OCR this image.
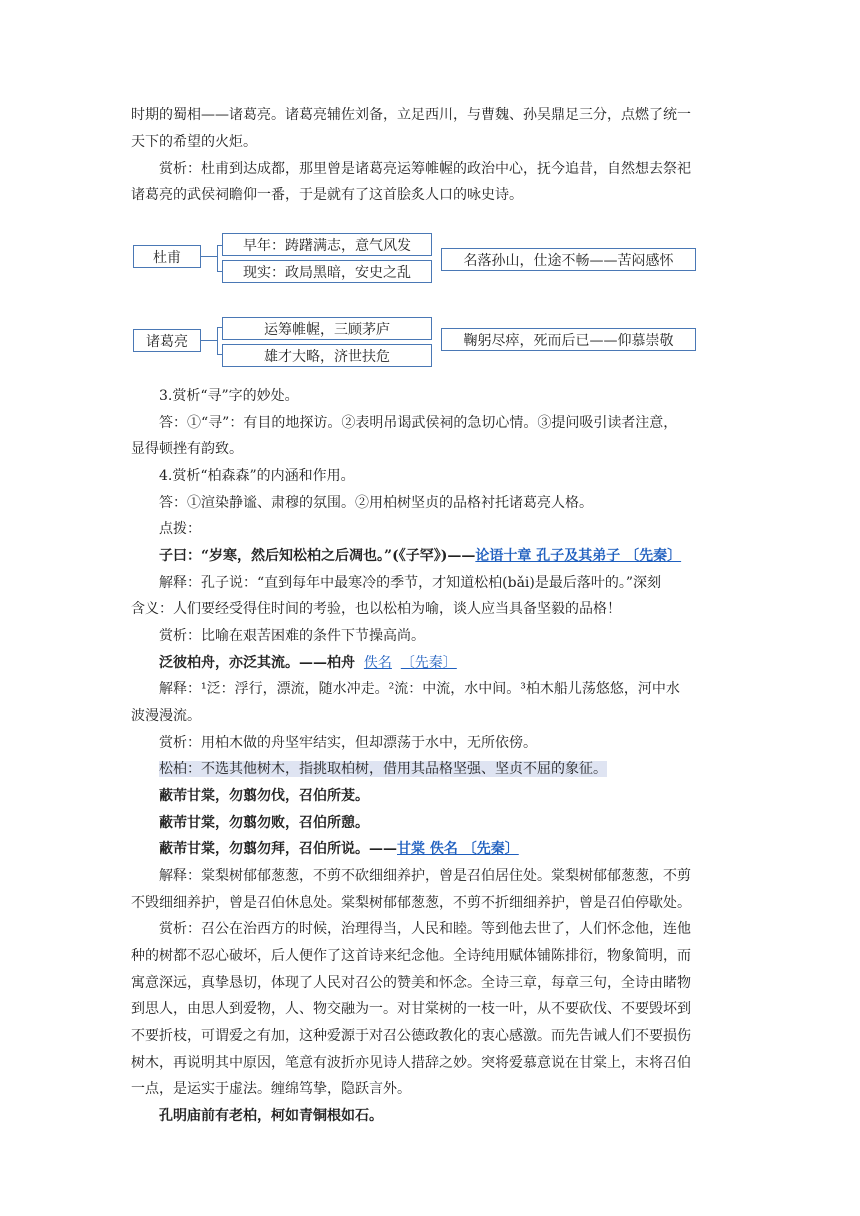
时期的蜀相——诸葛亮。诸葛亮辅佐刘备，立足西川，与曹魏、孙吴鼎足三分，点燃了统一

天下的希望的火炬。

赏析：杜甫到达成都，那里曾是诸葛亮运筹帷幄的政治中心，抚今追昔，自然想去祭祀

诸葛亮的武侯祠瞻仰一番，于是就有了这首脍炙人口的咏史诗。

杜甫
早年：踌躇满志，意气风发
现实：政局黑暗，安史之乱
名落孙山，仕途不畅——苦闷感怀
诸葛亮
运筹帷幄，三顾茅庐
雄才大略，济世扶危
鞠躬尽瘁，死而后已——仰慕崇敬

3.赏析“寻”字的妙处。

答：①“寻”：有目的地探访。②表明吊谒武侯祠的急切心情。③提问吸引读者注意，

显得顿挫有韵致。

4.赏析“柏森森”的内涵和作用。

答：①渲染静谧、肃穆的氛围。②用柏树坚贞的品格衬托诸葛亮人格。

点拨：

子曰：“岁寒，然后知松柏之后凋也。”(《子罕》)——论语十章 孔子及其弟子 〔先秦〕

解释：孔子说：“直到每年中最寒冷的季节，才知道松柏(bǎi)是最后落叶的。”深刻

含义：人们要经受得住时间的考验，也以松柏为喻，谈人应当具备坚毅的品格！

赏析：比喻在艰苦困难的条件下节操高尚。

泛彼柏舟，亦泛其流。——柏舟 佚名 〔先秦〕

解释：¹泛：浮行，漂流，随水冲走。²流：中流，水中间。³柏木船儿荡悠悠，河中水

波漫漫流。

赏析：用柏木做的舟坚牢结实，但却漂荡于水中，无所依傍。

松柏：不选其他树木，指挑取柏树，借用其品格坚强、坚贞不屈的象征。

蔽芾甘棠，勿翦勿伐，召伯所茇。

蔽芾甘棠，勿翦勿败，召伯所憩。

蔽芾甘棠，勿翦勿拜，召伯所说。——甘棠 佚名 〔先秦〕

解释：棠梨树郁郁葱葱，不剪不砍细细养护，曾是召伯居住处。棠梨树郁郁葱葱，不剪

不毁细细养护，曾是召伯休息处。棠梨树郁郁葱葱，不剪不折细细养护，曾是召伯停歇处。

赏析：召公在治西方的时候，治理得当，人民和睦。等到他去世了，人们怀念他，连他

种的树都不忍心破坏，后人便作了这首诗来纪念他。全诗纯用赋体铺陈排衍，物象简明，而

寓意深远，真挚恳切，体现了人民对召公的赞美和怀念。全诗三章，每章三句，全诗由睹物

到思人，由思人到爱物，人、物交融为一。对甘棠树的一枝一叶，从不要砍伐、不要毁坏到

不要折枝，可谓爱之有加，这种爱源于对召公德政教化的衷心感激。而先告诫人们不要损伤

树木，再说明其中原因，笔意有波折亦见诗人措辞之妙。突将爱慕意说在甘棠上，末将召伯

一点，是运实于虚法。缠绵笃挚，隐跃言外。

孔明庙前有老柏，柯如青铜根如石。
